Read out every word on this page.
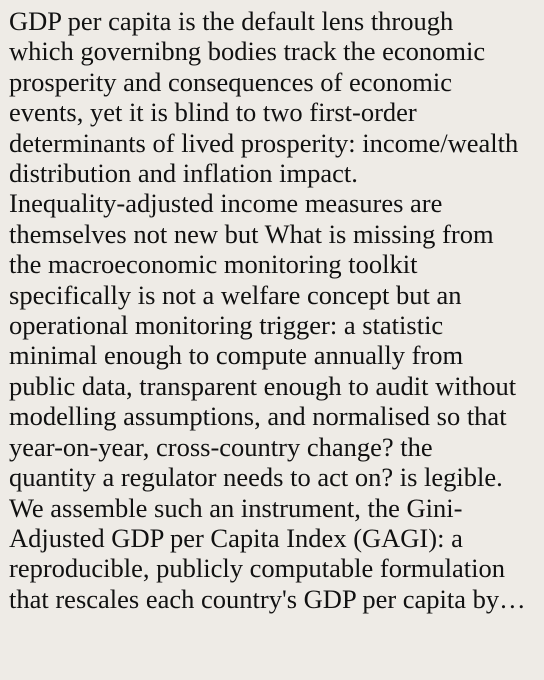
GDP per capita is the default lens through
which governibng bodies track the economic
prosperity and consequences of economic
events, yet it is blind to two first-order
determinants of lived prosperity: income/wealth
distribution and inflation impact.
Inequality-adjusted income measures are
themselves not new but What is missing from
the macroeconomic monitoring toolkit
specifically is not a welfare concept but an
operational monitoring trigger: a statistic
minimal enough to compute annually from
public data, transparent enough to audit without
modelling assumptions, and normalised so that
year-on-year, cross-country change? the
quantity a regulator needs to act on? is legible.
We assemble such an instrument, the Gini-
Adjusted GDP per Capita Index (GAGI): a
reproducible, publicly computable formulation
that rescales each country's GDP per capita by…
